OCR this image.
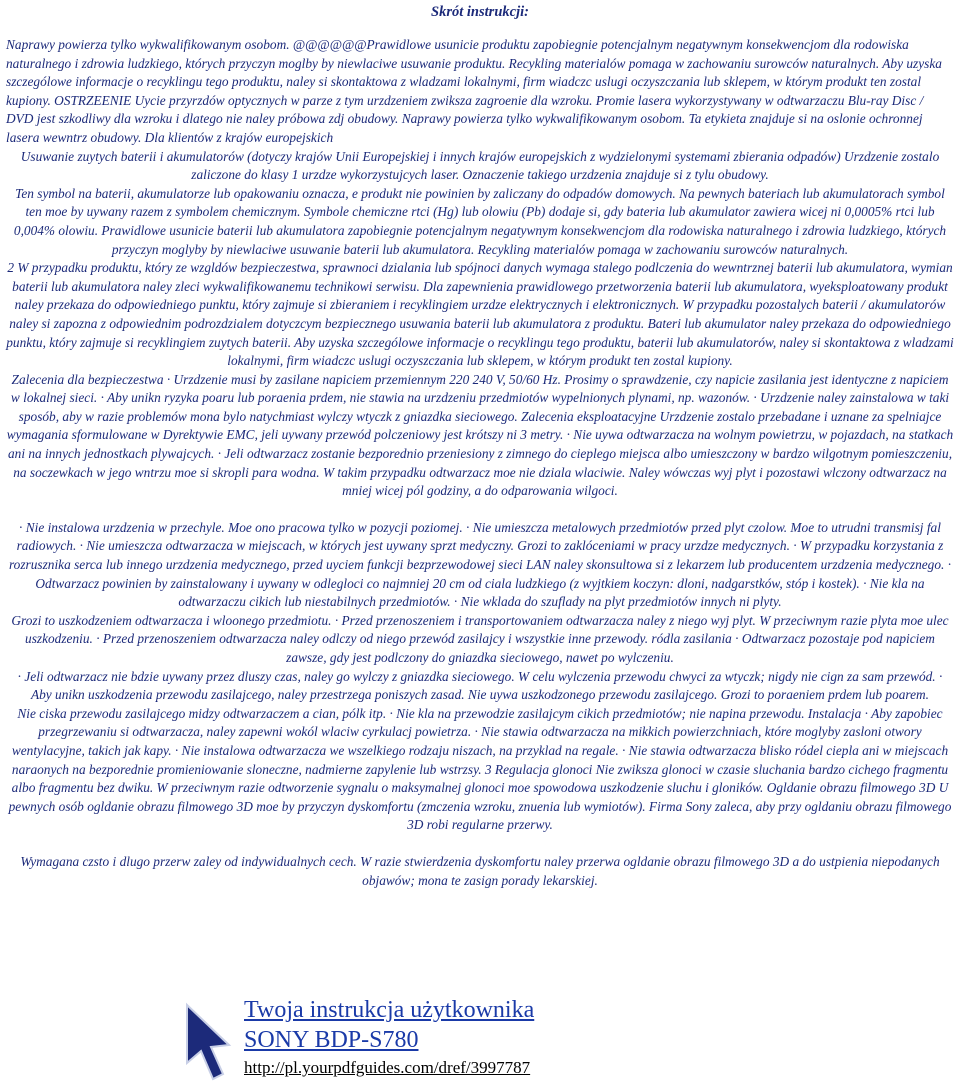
Skrót instrukcji:

Naprawy powierza tylko wykwalifikowanym osobom. @@@@@@Prawidlowe usunicie produktu zapobiegnie potencjalnym negatywnym konsekwencjom dla rodowiska naturalnego i zdrowia ludzkiego, których przyczyn moglby by niewlaciwe usuwanie produktu. Recykling materialów pomaga w zachowaniu surowców naturalnych. Aby uzyska szczególowe informacje o recyklingu tego produktu, naley si skontaktowa z wladzami lokalnymi, firm wiadczc uslugi oczyszczania lub sklepem, w którym produkt ten zostal kupiony. OSTRZEENIE Uycie przyrzdów optycznych w parze z tym urzdzeniem zwiksza zagroenie dla wzroku. Promie lasera wykorzystywany w odtwarzaczu Blu-ray Disc / DVD jest szkodliwy dla wzroku i dlatego nie naley próbowa zdj obudowy. Naprawy powierza tylko wykwalifikowanym osobom. Ta etykieta znajduje si na oslonie ochronnej lasera wewntrz obudowy. Dla klientów z krajów europejskich

Usuwanie zuytych baterii i akumulatorów (dotyczy krajów Unii Europejskiej i innych krajów europejskich z wydzielonymi systemami zbierania odpadów) Urzdzenie zostalo zaliczone do klasy 1 urzdze wykorzystujcych laser. Oznaczenie takiego urzdzenia znajduje si z tylu obudowy.

Ten symbol na baterii, akumulatorze lub opakowaniu oznacza, e produkt nie powinien by zaliczany do odpadów domowych. Na pewnych bateriach lub akumulatorach symbol ten moe by uywany razem z symbolem chemicznym. Symbole chemiczne rtci (Hg) lub olowiu (Pb) dodaje si, gdy bateria lub akumulator zawiera wicej ni 0,0005% rtci lub 0,004% olowiu. Prawidlowe usunicie baterii lub akumulatora zapobiegnie potencjalnym negatywnym konsekwencjom dla rodowiska naturalnego i zdrowia ludzkiego, których przyczyn moglyby by niewlaciwe usuwanie baterii lub akumulatora. Recykling materialów pomaga w zachowaniu surowców naturalnych.

2 W przypadku produktu, który ze wzgldów bezpieczestwa, sprawnoci dzialania lub spójnoci danych wymaga stalego podlczenia do wewntrznej baterii lub akumulatora, wymian baterii lub akumulatora naley zleci wykwalifikowanemu technikowi serwisu. Dla zapewnienia prawidlowego przetworzenia baterii lub akumulatora, wyeksploatowany produkt naley przekaza do odpowiedniego punktu, który zajmuje si zbieraniem i recyklingiem urzdze elektrycznych i elektronicznych. W przypadku pozostalych baterii / akumulatorów naley si zapozna z odpowiednim podrozdzialem dotyczcym bezpiecznego usuwania baterii lub akumulatora z produktu. Bateri lub akumulator naley przekaza do odpowiedniego punktu, który zajmuje si recyklingiem zuytych baterii. Aby uzyska szczególowe informacje o recyklingu tego produktu, baterii lub akumulatorów, naley si skontaktowa z wladzami lokalnymi, firm wiadczc uslugi oczyszczania lub sklepem, w którym produkt ten zostal kupiony.

Zalecenia dla bezpieczestwa · Urzdzenie musi by zasilane napiciem przemiennym 220 240 V, 50/60 Hz. Prosimy o sprawdzenie, czy napicie zasilania jest identyczne z napiciem w lokalnej sieci. · Aby unikn ryzyka poaru lub poraenia prdem, nie stawia na urzdzeniu przedmiotów wypelnionych plynami, np. wazonów. · Urzdzenie naley zainstalowa w taki sposób, aby w razie problemów mona bylo natychmiast wylczy wtyczk z gniazdka sieciowego. Zalecenia eksploatacyjne Urzdzenie zostalo przebadane i uznane za spelniajce wymagania sformulowane w Dyrektywie EMC, jeli uywany przewód polczeniowy jest krótszy ni 3 metry. · Nie uywa odtwarzacza na wolnym powietrzu, w pojazdach, na statkach ani na innych jednostkach plywajcych. · Jeli odtwarzacz zostanie bezporednio przeniesiony z zimnego do cieplego miejsca albo umieszczony w bardzo wilgotnym pomieszczeniu, na soczewkach w jego wntrzu moe si skropli para wodna. W takim przypadku odtwarzacz moe nie dziala wlaciwie. Naley wówczas wyj plyt i pozostawi wlczony odtwarzacz na mniej wicej pól godziny, a do odparowania wilgoci.

· Nie instalowa urzdzenia w przechyle. Moe ono pracowa tylko w pozycji poziomej. · Nie umieszcza metalowych przedmiotów przed plyt czolow. Moe to utrudni transmisj fal radiowych. · Nie umieszcza odtwarzacza w miejscach, w których jest uywany sprzt medyczny. Grozi to zaklóceniami w pracy urzdze medycznych. · W przypadku korzystania z rozrusznika serca lub innego urzdzenia medycznego, przed uyciem funkcji bezprzewodowej sieci LAN naley skonsultowa si z lekarzem lub producentem urzdzenia medycznego. · Odtwarzacz powinien by zainstalowany i uywany w odlegloci co najmniej 20 cm od ciala ludzkiego (z wyjtkiem koczyn: dloni, nadgarstków, stóp i kostek). · Nie kla na odtwarzaczu cikich lub niestabilnych przedmiotów. · Nie wklada do szuflady na plyt przedmiotów innych ni plyty.

Grozi to uszkodzeniem odtwarzacza i wloonego przedmiotu. · Przed przenoszeniem i transportowaniem odtwarzacza naley z niego wyj plyt. W przeciwnym razie plyta moe ulec uszkodzeniu. · Przed przenoszeniem odtwarzacza naley odlczy od niego przewód zasilajcy i wszystkie inne przewody. ródla zasilania · Odtwarzacz pozostaje pod napiciem zawsze, gdy jest podlczony do gniazdka sieciowego, nawet po wylczeniu.

· Jeli odtwarzacz nie bdzie uywany przez dluszy czas, naley go wylczy z gniazdka sieciowego. W celu wylczenia przewodu chwyci za wtyczk; nigdy nie cign za sam przewód. · Aby unikn uszkodzenia przewodu zasilajcego, naley przestrzega poniszych zasad. Nie uywa uszkodzonego przewodu zasilajcego. Grozi to poraeniem prdem lub poarem.

Nie ciska przewodu zasilajcego midzy odtwarzaczem a cian, pólk itp. · Nie kla na przewodzie zasilajcym cikich przedmiotów; nie napina przewodu. Instalacja · Aby zapobiec przegrzewaniu si odtwarzacza, naley zapewni wokól wlaciw cyrkulacj powietrza. · Nie stawia odtwarzacza na mikkich powierzchniach, które moglyby zasloni otwory wentylacyjne, takich jak kapy. · Nie instalowa odtwarzacza we wszelkiego rodzaju niszach, na przyklad na regale. · Nie stawia odtwarzacza blisko ródel ciepla ani w miejscach naraonych na bezporednie promieniowanie sloneczne, nadmierne zapylenie lub wstrzsy. 3 Regulacja glonoci Nie zwiksza glonoci w czasie sluchania bardzo cichego fragmentu albo fragmentu bez dwiku. W przeciwnym razie odtworzenie sygnalu o maksymalnej glonoci moe spowodowa uszkodzenie sluchu i gloników. Ogldanie obrazu filmowego 3D U pewnych osób ogldanie obrazu filmowego 3D moe by przyczyn dyskomfortu (zmczenia wzroku, znuenia lub wymiotów). Firma Sony zaleca, aby przy ogldaniu obrazu filmowego 3D robi regularne przerwy.

Wymagana czsto i dlugo przerw zaley od indywidualnych cech. W razie stwierdzenia dyskomfortu naley przerwa ogldanie obrazu filmowego 3D a do ustpienia niepodanych objawów; mona te zasign porady lekarskiej.

Twoja instrukcja użytkownika
SONY BDP-S780
http://pl.yourpdfguides.com/dref/3997787
